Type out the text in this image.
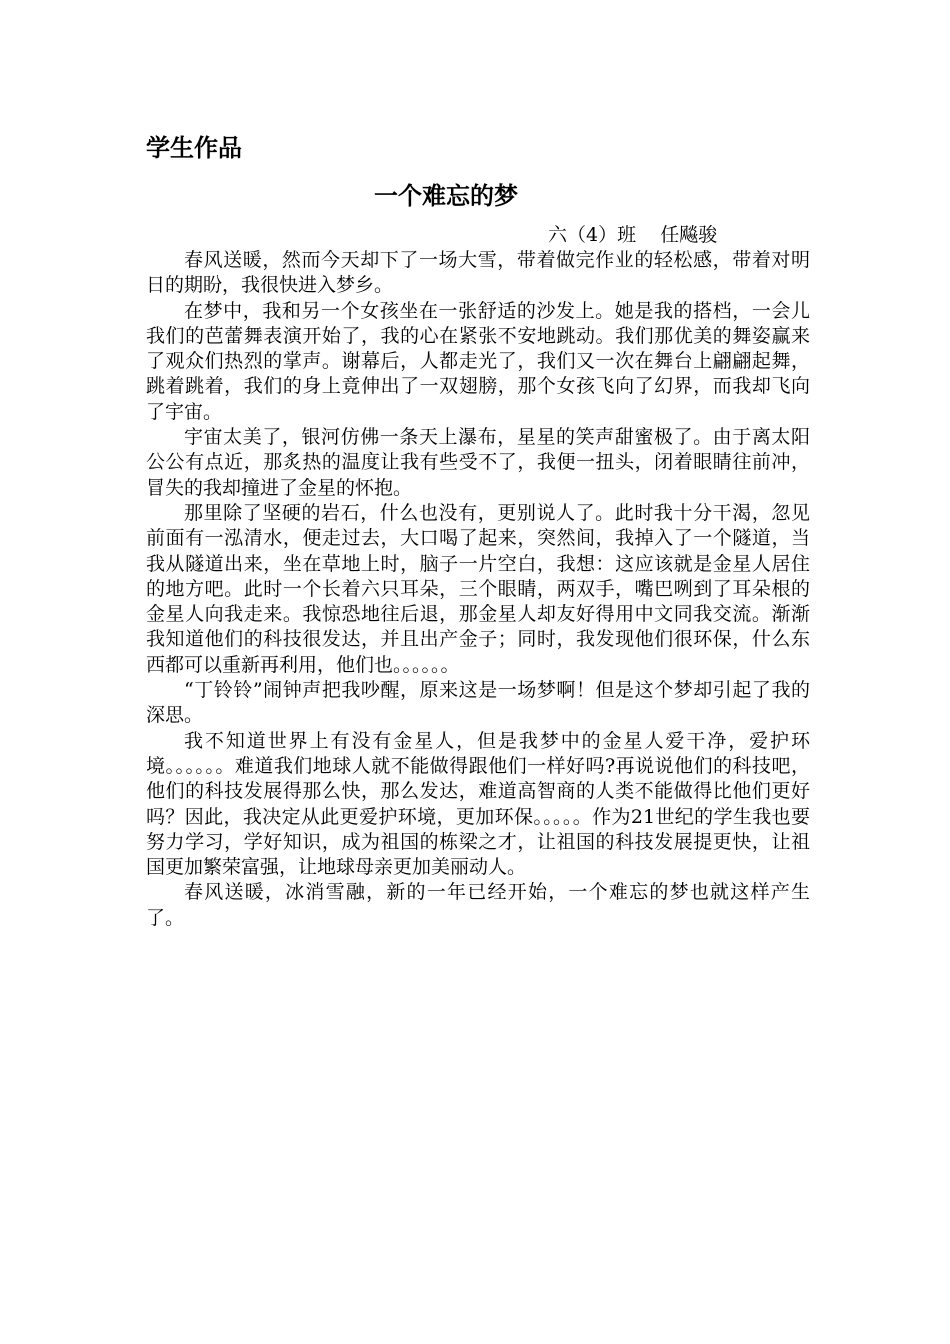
学生作品
一个难忘的梦
六（4）班    任飚骏

春风送暖，然而今天却下了一场大雪，带着做完作业的轻松感，带着对明日的期盼，我很快进入梦乡。

在梦中，我和另一个女孩坐在一张舒适的沙发上。她是我的搭档，一会儿我们的芭蕾舞表演开始了，我的心在紧张不安地跳动。我们那优美的舞姿赢来了观众们热烈的掌声。谢幕后，人都走光了，我们又一次在舞台上翩翩起舞，跳着跳着，我们的身上竟伸出了一双翅膀，那个女孩飞向了幻界，而我却飞向了宇宙。

宇宙太美了，银河仿佛一条天上瀑布，星星的笑声甜蜜极了。由于离太阳公公有点近，那炙热的温度让我有些受不了，我便一扭头，闭着眼睛往前冲，冒失的我却撞进了金星的怀抱。

那里除了坚硬的岩石，什么也没有，更别说人了。此时我十分干渴，忽见前面有一泓清水，便走过去，大口喝了起来，突然间，我掉入了一个隧道，当我从隧道出来，坐在草地上时，脑子一片空白，我想：这应该就是金星人居住的地方吧。此时一个长着六只耳朵，三个眼睛，两双手，嘴巴咧到了耳朵根的金星人向我走来。我惊恐地往后退，那金星人却友好得用中文同我交流。渐渐我知道他们的科技很发达，并且出产金子；同时，我发现他们很环保，什么东西都可以重新再利用，他们也。。。。。。

“丁铃铃”闹钟声把我吵醒，原来这是一场梦啊！但是这个梦却引起了我的深思。

我不知道世界上有没有金星人，但是我梦中的金星人爱干净，爱护环境。。。。。。难道我们地球人就不能做得跟他们一样好吗?再说说他们的科技吧，他们的科技发展得那么快，那么发达，难道高智商的人类不能做得比他们更好吗？因此，我决定从此更爱护环境，更加环保。。。。。作为21世纪的学生我也要努力学习，学好知识，成为祖国的栋梁之才，让祖国的科技发展提更快，让祖国更加繁荣富强，让地球母亲更加美丽动人。

春风送暖，冰消雪融，新的一年已经开始，一个难忘的梦也就这样产生了。
